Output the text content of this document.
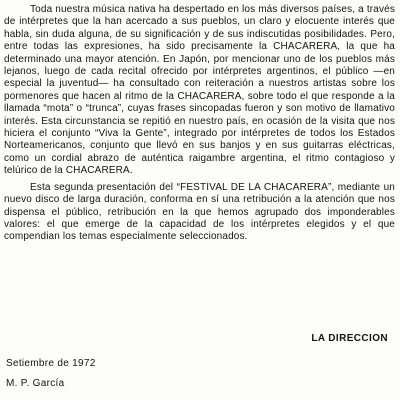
Toda nuestra música nativa ha despertado en los más diversos países, a través de intérpretes que la han acercado a sus pueblos, un claro y elocuente interés que habla, sin duda alguna, de su significación y de sus indiscutidas posibilidades. Pero, entre todas las expresiones, ha sido precisamente la CHACARERA, la que ha determinado una mayor atención. En Japón, por mencionar uno de los pueblos más lejanos, luego de cada recital ofrecido por intérpretes argentinos, el público —en especial la juventud— ha consultado con reiteración a nuestros artistas sobre los pormenores que hacen al ritmo de la CHACARERA, sobre todo el que responde a la llamada “mota” o “trunca”, cuyas frases sincopadas fueron y son motivo de llamativo interés. Esta circunstancia se repitió en nuestro país, en ocasión de la visita que nos hiciera el conjunto “Viva la Gente”, integrado por intérpretes de todos los Estados Norteamericanos, conjunto que llevó en sus banjos y en sus guitarras eléctricas, como un cordial abrazo de auténtica raigambre argentina, el ritmo contagioso y telúrico de la CHACARERA.

Esta segunda presentación del “FESTIVAL DE LA CHACARERA”, mediante un nuevo disco de larga duración, conforma en sí una retribución a la atención que nos dispensa el público, retribución en la que hemos agrupado dos imponderables valores: el que emerge de la capacidad de los intérpretes elegidos y el que compendian los temas especialmente seleccionados.

LA DIRECCION
Setiembre de 1972
M. P. García
